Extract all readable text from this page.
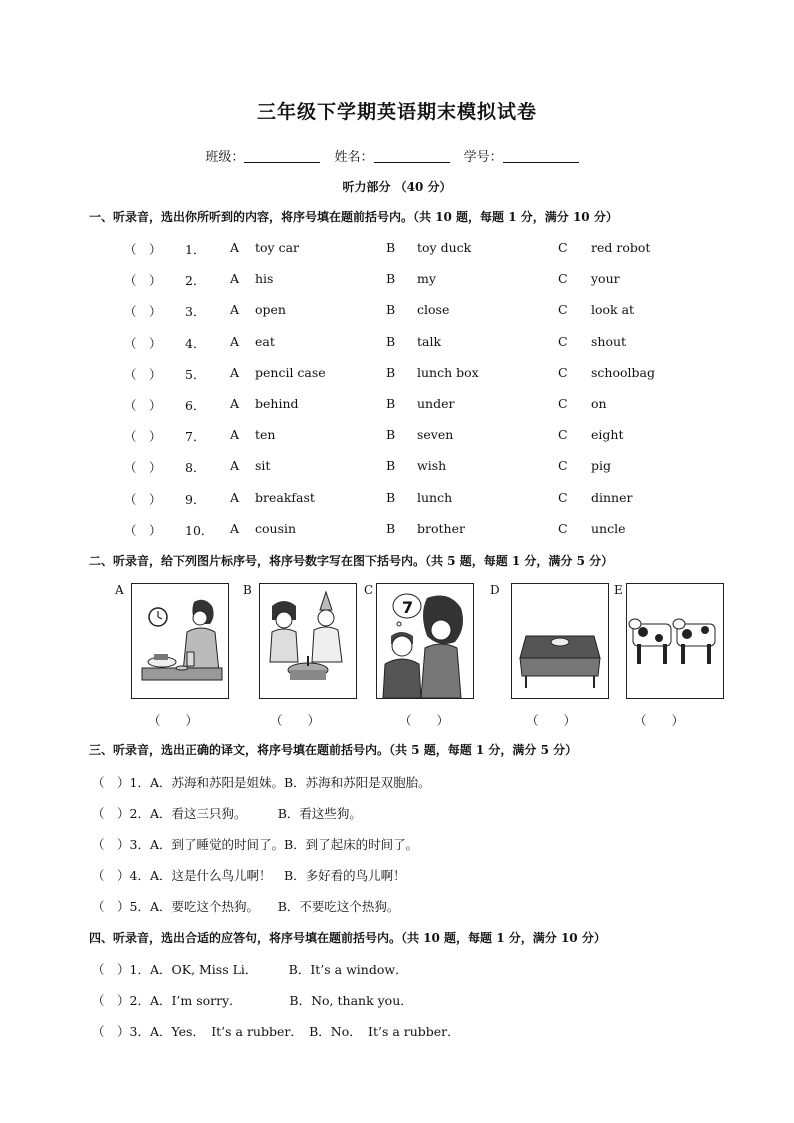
三年级下学期英语期末模拟试卷
班级：	姓名：	学号：
听力部分 （40 分）
一、听录音，选出你所听到的内容，将序号填在题前括号内。（共 10 题，每题 1 分，满分 10 分）
（　） 1． A toy car	B toy duck	C red robot
（　） 2． A his	B my	C your
（　） 3． A open	B close	C look at
（　） 4． A eat	B talk	C shout
（　） 5． A pencil case	B lunch box	C schoolbag
（　） 6． A behind	B under	C on
（　） 7． A ten	B seven	C eight
（　） 8． A sit	B wish	C pig
（　） 9． A breakfast	B lunch	C dinner
（　） 10． A cousin	B brother	C uncle
二、听录音，给下列图片标序号，将序号数字写在图下括号内。（共 5 题，每题 1 分，满分 5 分）
A	B	C
7
D	E
（　　）	（　　）	（　　）	（　　）	（　　）
三、听录音，选出正确的译文，将序号填在题前括号内。（共 5 题，每题 1 分，满分 5 分）
（　）1．A．苏海和苏阳是姐妹。B．苏海和苏阳是双胞胎。
（　）2．A．看这三只狗。　　　B．看这些狗。
（　）3．A．到了睡觉的时间了。B．到了起床的时间了。
（　）4．A．这是什么鸟儿啊！　B．多好看的鸟儿啊！
（　）5．A．要吃这个热狗。　　B．不要吃这个热狗。
四、听录音，选出合适的应答句，将序号填在题前括号内。（共 10 题，每题 1 分，满分 10 分）
（　）1．A．OK, Miss Li．　　　B．It’s a window．
（　）2．A．I’m sorry．　　　　 B．No, thank you．
（　）3．A．Yes．　It’s a rubber．　B．No．　It’s a rubber．
